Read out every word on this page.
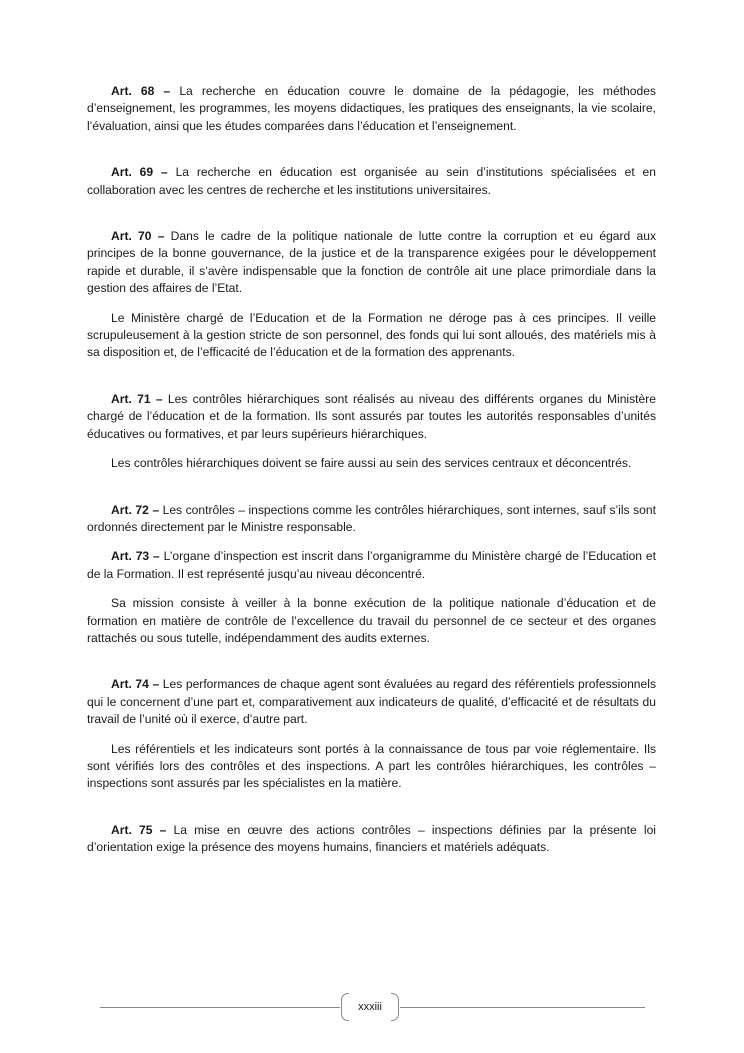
Art. 68 – La recherche en éducation couvre le domaine de la pédagogie, les méthodes d’enseignement, les programmes, les moyens didactiques, les pratiques des enseignants, la vie scolaire, l’évaluation, ainsi que les études comparées dans l’éducation et l’enseignement.

Art. 69 – La recherche en éducation est organisée au sein d’institutions spécialisées et en collaboration avec les centres de recherche et les institutions universitaires.

Art. 70 – Dans le cadre de la politique nationale de lutte contre la corruption et eu égard aux principes de la bonne gouvernance, de la justice et de la transparence exigées pour le développement rapide et durable, il s’avère indispensable que la fonction de contrôle ait une place primordiale dans la gestion des affaires de l’Etat.

Le Ministère chargé de l’Education et de la Formation ne déroge pas à ces principes. Il veille scrupuleusement à la gestion stricte de son personnel, des fonds qui lui sont alloués, des matériels mis à sa disposition et, de l’efficacité de l’éducation et de la formation des apprenants.

Art. 71 – Les contrôles hiérarchiques sont réalisés au niveau des différents organes du Ministère chargé de l’éducation et de la formation. Ils sont assurés par toutes les autorités responsables d’unités éducatives ou formatives, et par leurs supérieurs hiérarchiques.

Les contrôles hiérarchiques doivent se faire aussi au sein des services centraux et déconcentrés.

Art. 72 – Les contrôles – inspections comme les contrôles hiérarchiques, sont internes, sauf s’ils sont ordonnés directement par le Ministre responsable.

Art. 73 – L’organe d’inspection est inscrit dans l’organigramme du Ministère chargé de l’Education et de la Formation. Il est représenté jusqu’au niveau déconcentré.

Sa mission consiste à veiller à la bonne exécution de la politique nationale d’éducation et de formation en matière de contrôle de l’excellence du travail du personnel de ce secteur et des organes rattachés ou sous tutelle, indépendamment des audits externes.

Art. 74 – Les performances de chaque agent sont évaluées au regard des référentiels professionnels qui le concernent d’une part et, comparativement aux indicateurs de qualité, d’efficacité et de résultats du travail de l’unité où il exerce, d’autre part.

Les référentiels et les indicateurs sont portés à la connaissance de tous par voie réglementaire. Ils sont vérifiés lors des contrôles et des inspections. A part les contrôles hiérarchiques, les contrôles – inspections sont assurés par les spécialistes en la matière.

Art. 75 – La mise en œuvre des actions contrôles – inspections définies par la présente loi d’orientation exige la présence des moyens humains, financiers et matériels adéquats.

xxxiii
